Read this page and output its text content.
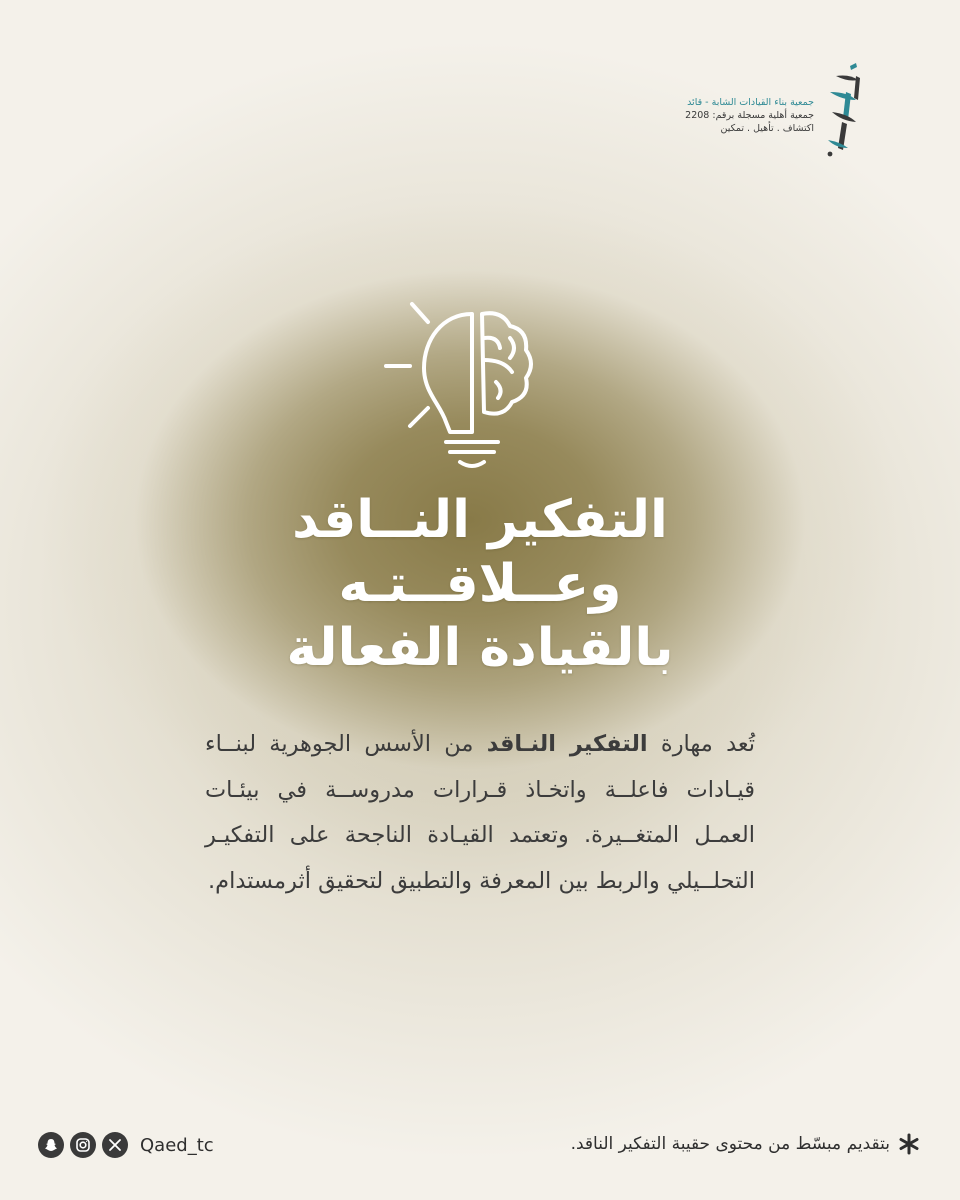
جمعية بناء القيادات الشابة - قائد
جمعية أهلية مسجلة برقم: 2208
اكتشاف . تأهيل . تمكين
التفكير النــاقد
وعــلاقــتـه
بالقيادة الفعالة
تُعد مهارة التفكير النـاقد من الأسس الجوهرية لبنــاء قيـادات فاعلــة واتخـاذ قـرارات مدروســة في بيئـات العمـل المتغــيرة. وتعتمد القيـادة الناجحة على التفكيـر التحلــيلي والربط بين المعرفة والتطبيق لتحقيق أثرمستدام.
بتقديم مبسّط من محتوى حقيبة التفكير الناقد.
Qaed_tc
